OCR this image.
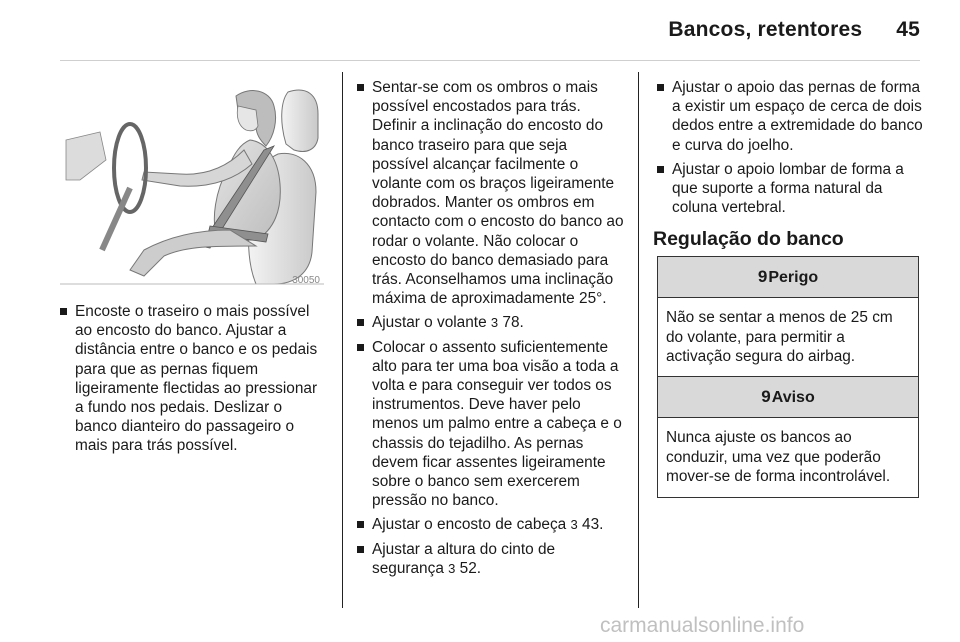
Bancos, retentores 45
30050
Encoste o traseiro o mais possível ao encosto do banco. Ajustar a distância entre o banco e os pedais para que as pernas fiquem ligeiramente flectidas ao pressionar a fundo nos pedais. Deslizar o banco dianteiro do passageiro o mais para trás possível.
Sentar-se com os ombros o mais possível encostados para trás. Definir a inclinação do encosto do banco traseiro para que seja possível alcançar facilmente o volante com os braços ligeiramente dobrados. Manter os ombros em contacto com o encosto do banco ao rodar o volante. Não colocar o encosto do banco demasiado para trás. Aconselhamos uma inclinação máxima de aproximadamente 25°.
Ajustar o volante 3 78.
Colocar o assento suficientemente alto para ter uma boa visão a toda a volta e para conseguir ver todos os instrumentos. Deve haver pelo menos um palmo entre a cabeça e o chassis do tejadilho. As pernas devem ficar assentes ligeiramente sobre o banco sem exercerem pressão no banco.
Ajustar o encosto de cabeça 3 43.
Ajustar a altura do cinto de segurança 3 52.
Ajustar o apoio das pernas de forma a existir um espaço de cerca de dois dedos entre a extremidade do banco e curva do joelho.
Ajustar o apoio lombar de forma a que suporte a forma natural da coluna vertebral.
Regulação do banco
9Perigo
Não se sentar a menos de 25 cm do volante, para permitir a activação segura do airbag.
9Aviso
Nunca ajuste os bancos ao conduzir, uma vez que poderão mover-se de forma incontrolável.
carmanualsonline.info
